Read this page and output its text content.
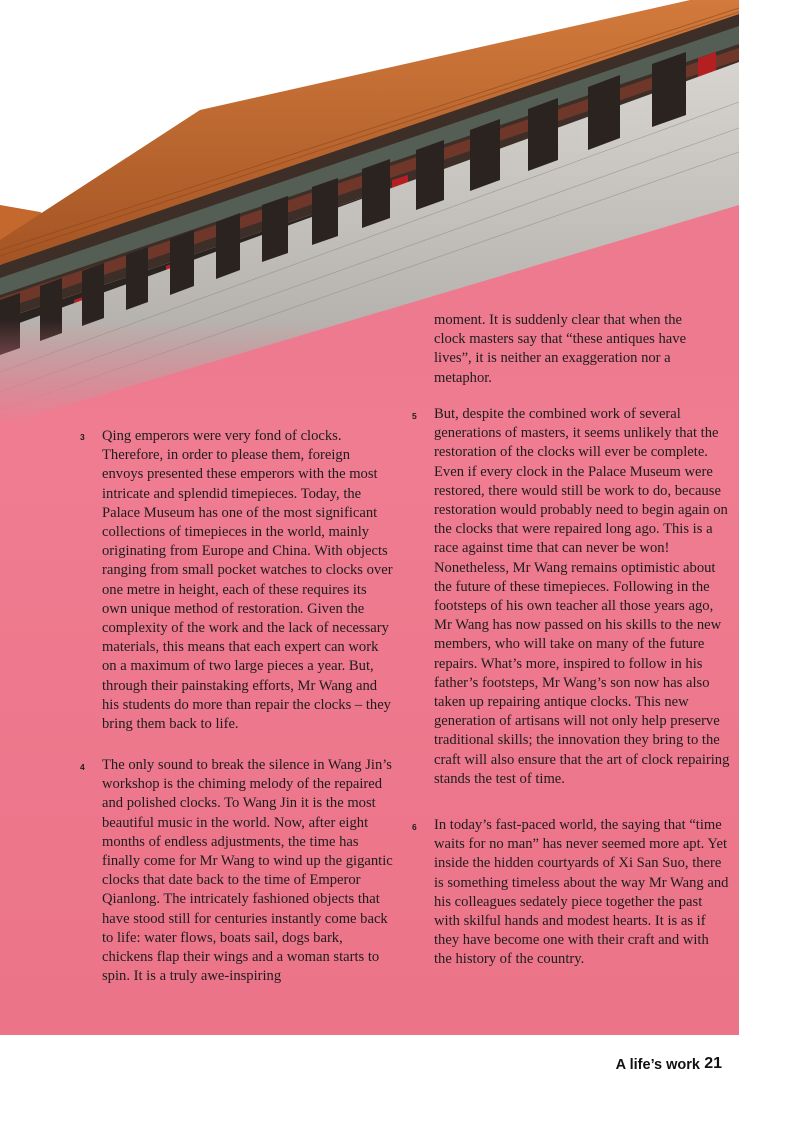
3
4
5
6
Qing emperors were very fond of clocks. Therefore, in order to please them, foreign envoys presented these emperors with the most intricate and splendid timepieces. Today, the Palace Museum has one of the most significant collections of timepieces in the world, mainly originating from Europe and China. With objects ranging from small pocket watches to clocks over one metre in height, each of these requires its own unique method of restoration. Given the complexity of the work and the lack of necessary materials, this means that each expert can work on a maximum of two large pieces a year. But, through their painstaking efforts, Mr Wang and his students do more than repair the clocks – they bring them back to life.
The only sound to break the silence in Wang Jin’s workshop is the chiming melody of the repaired and polished clocks. To Wang Jin it is the most beautiful music in the world. Now, after eight months of endless adjustments, the time has finally come for Mr Wang to wind up the gigantic clocks that date back to the time of Emperor Qianlong. The intricately fashioned objects that have stood still for centuries instantly come back to life: water flows, boats sail, dogs bark, chickens flap their wings and a woman starts to spin. It is a truly awe-inspiring
moment. It is suddenly clear that when the clock masters say that “these antiques have lives”, it is neither an exaggeration nor a metaphor.
But, despite the combined work of several generations of masters, it seems unlikely that the restoration of the clocks will ever be complete. Even if every clock in the Palace Museum were restored, there would still be work to do, because restoration would probably need to begin again on the clocks that were repaired long ago. This is a race against time that can never be won! Nonetheless, Mr Wang remains optimistic about the future of these timepieces. Following in the footsteps of his own teacher all those years ago, Mr Wang has now passed on his skills to the new members, who will take on many of the future repairs. What’s more, inspired to follow in his father’s footsteps, Mr Wang’s son now has also taken up repairing antique clocks. This new generation of artisans will not only help preserve traditional skills; the innovation they bring to the craft will also ensure that the art of clock repairing stands the test of time.
In today’s fast-paced world, the saying that “time waits for no man” has never seemed more apt. Yet inside the hidden courtyards of Xi San Suo, there is something timeless about the way Mr Wang and his colleagues sedately piece together the past with skilful hands and modest hearts. It is as if they have become one with their craft and with the history of the country.
A life’s work 21
